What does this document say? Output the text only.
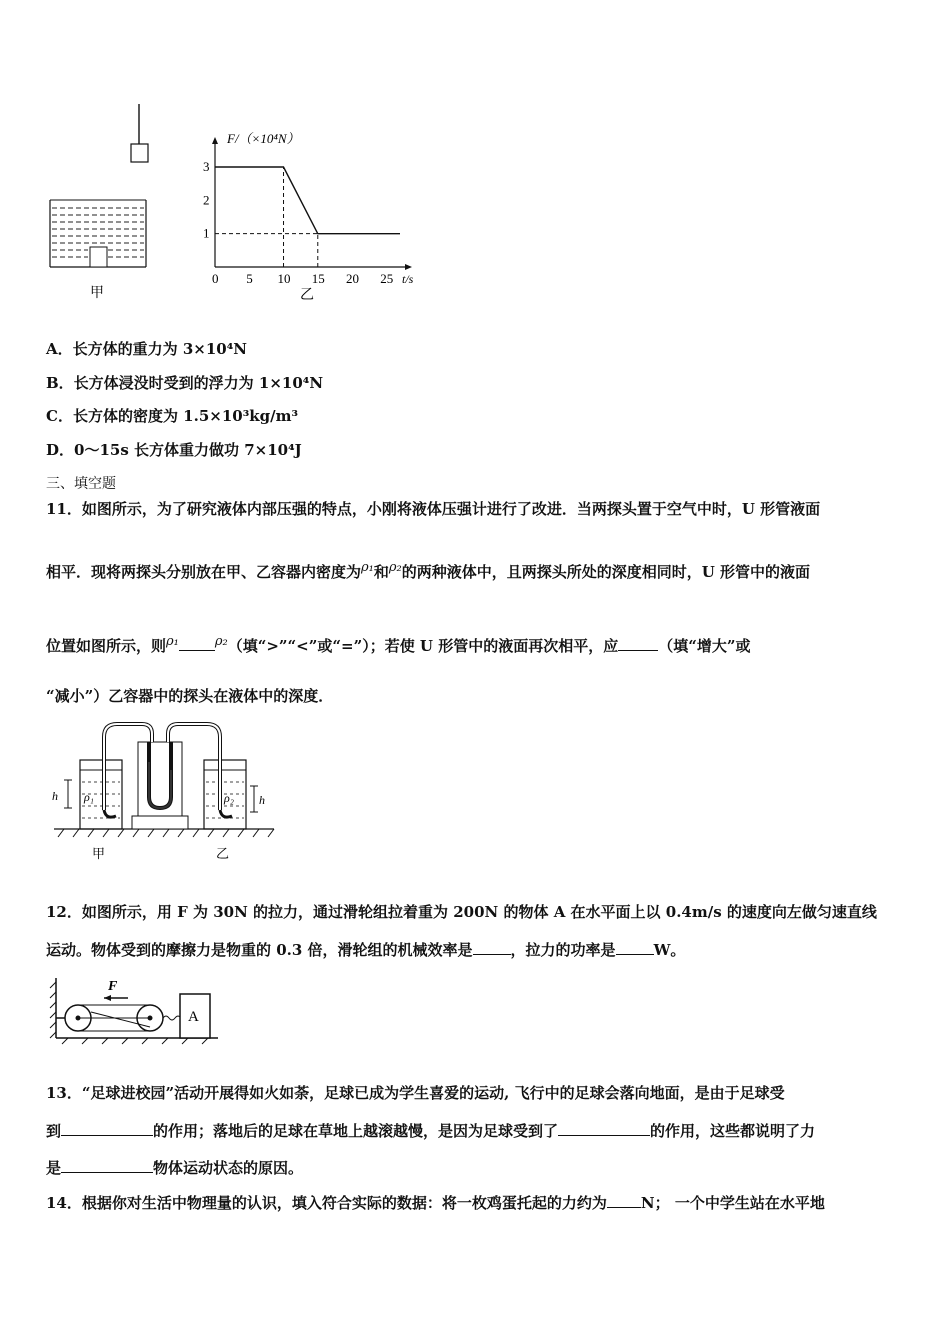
甲
F/（×10⁴N）
t/s
0 5 10 15 20 25
1
2
3
乙
A．长方体的重力为 3×10⁴N
B．长方体浸没时受到的浮力为 1×10⁴N
C．长方体的密度为 1.5×10³kg/m³
D．0～15s 长方体重力做功 7×10⁴J
三、填空题
11．如图所示，为了研究液体内部压强的特点，小刚将液体压强计进行了改进．当两探头置于空气中时，U 形管液面
相平．现将两探头分别放在甲、乙容器内密度为ρ₁和ρ₂的两种液体中，且两探头所处的深度相同时，U 形管中的液面
位置如图所示，则ρ₁	ρ₂（填“>”“<”或“=”）；若使 U 形管中的液面再次相平，应	（填“增大”或
“减小”）乙容器中的探头在液体中的深度．
h	h
ρ₁	ρ₂
甲	乙
12．如图所示，用 F 为 30N 的拉力，通过滑轮组拉着重为 200N 的物体 A 在水平面上以 0.4m/s 的速度向左做匀速直线
运动。物体受到的摩擦力是物重的 0.3 倍，滑轮组的机械效率是	，拉力的功率是	W。
A
F
13．“足球进校园”活动开展得如火如荼，足球已成为学生喜爱的运动, 飞行中的足球会落向地面，是由于足球受
到	的作用；落地后的足球在草地上越滚越慢，是因为足球受到了	的作用，这些都说明了力
是	物体运动状态的原因。
14．根据你对生活中物理量的认识，填入符合实际的数据：将一枚鸡蛋托起的力约为 N； 一个中学生站在水平地
